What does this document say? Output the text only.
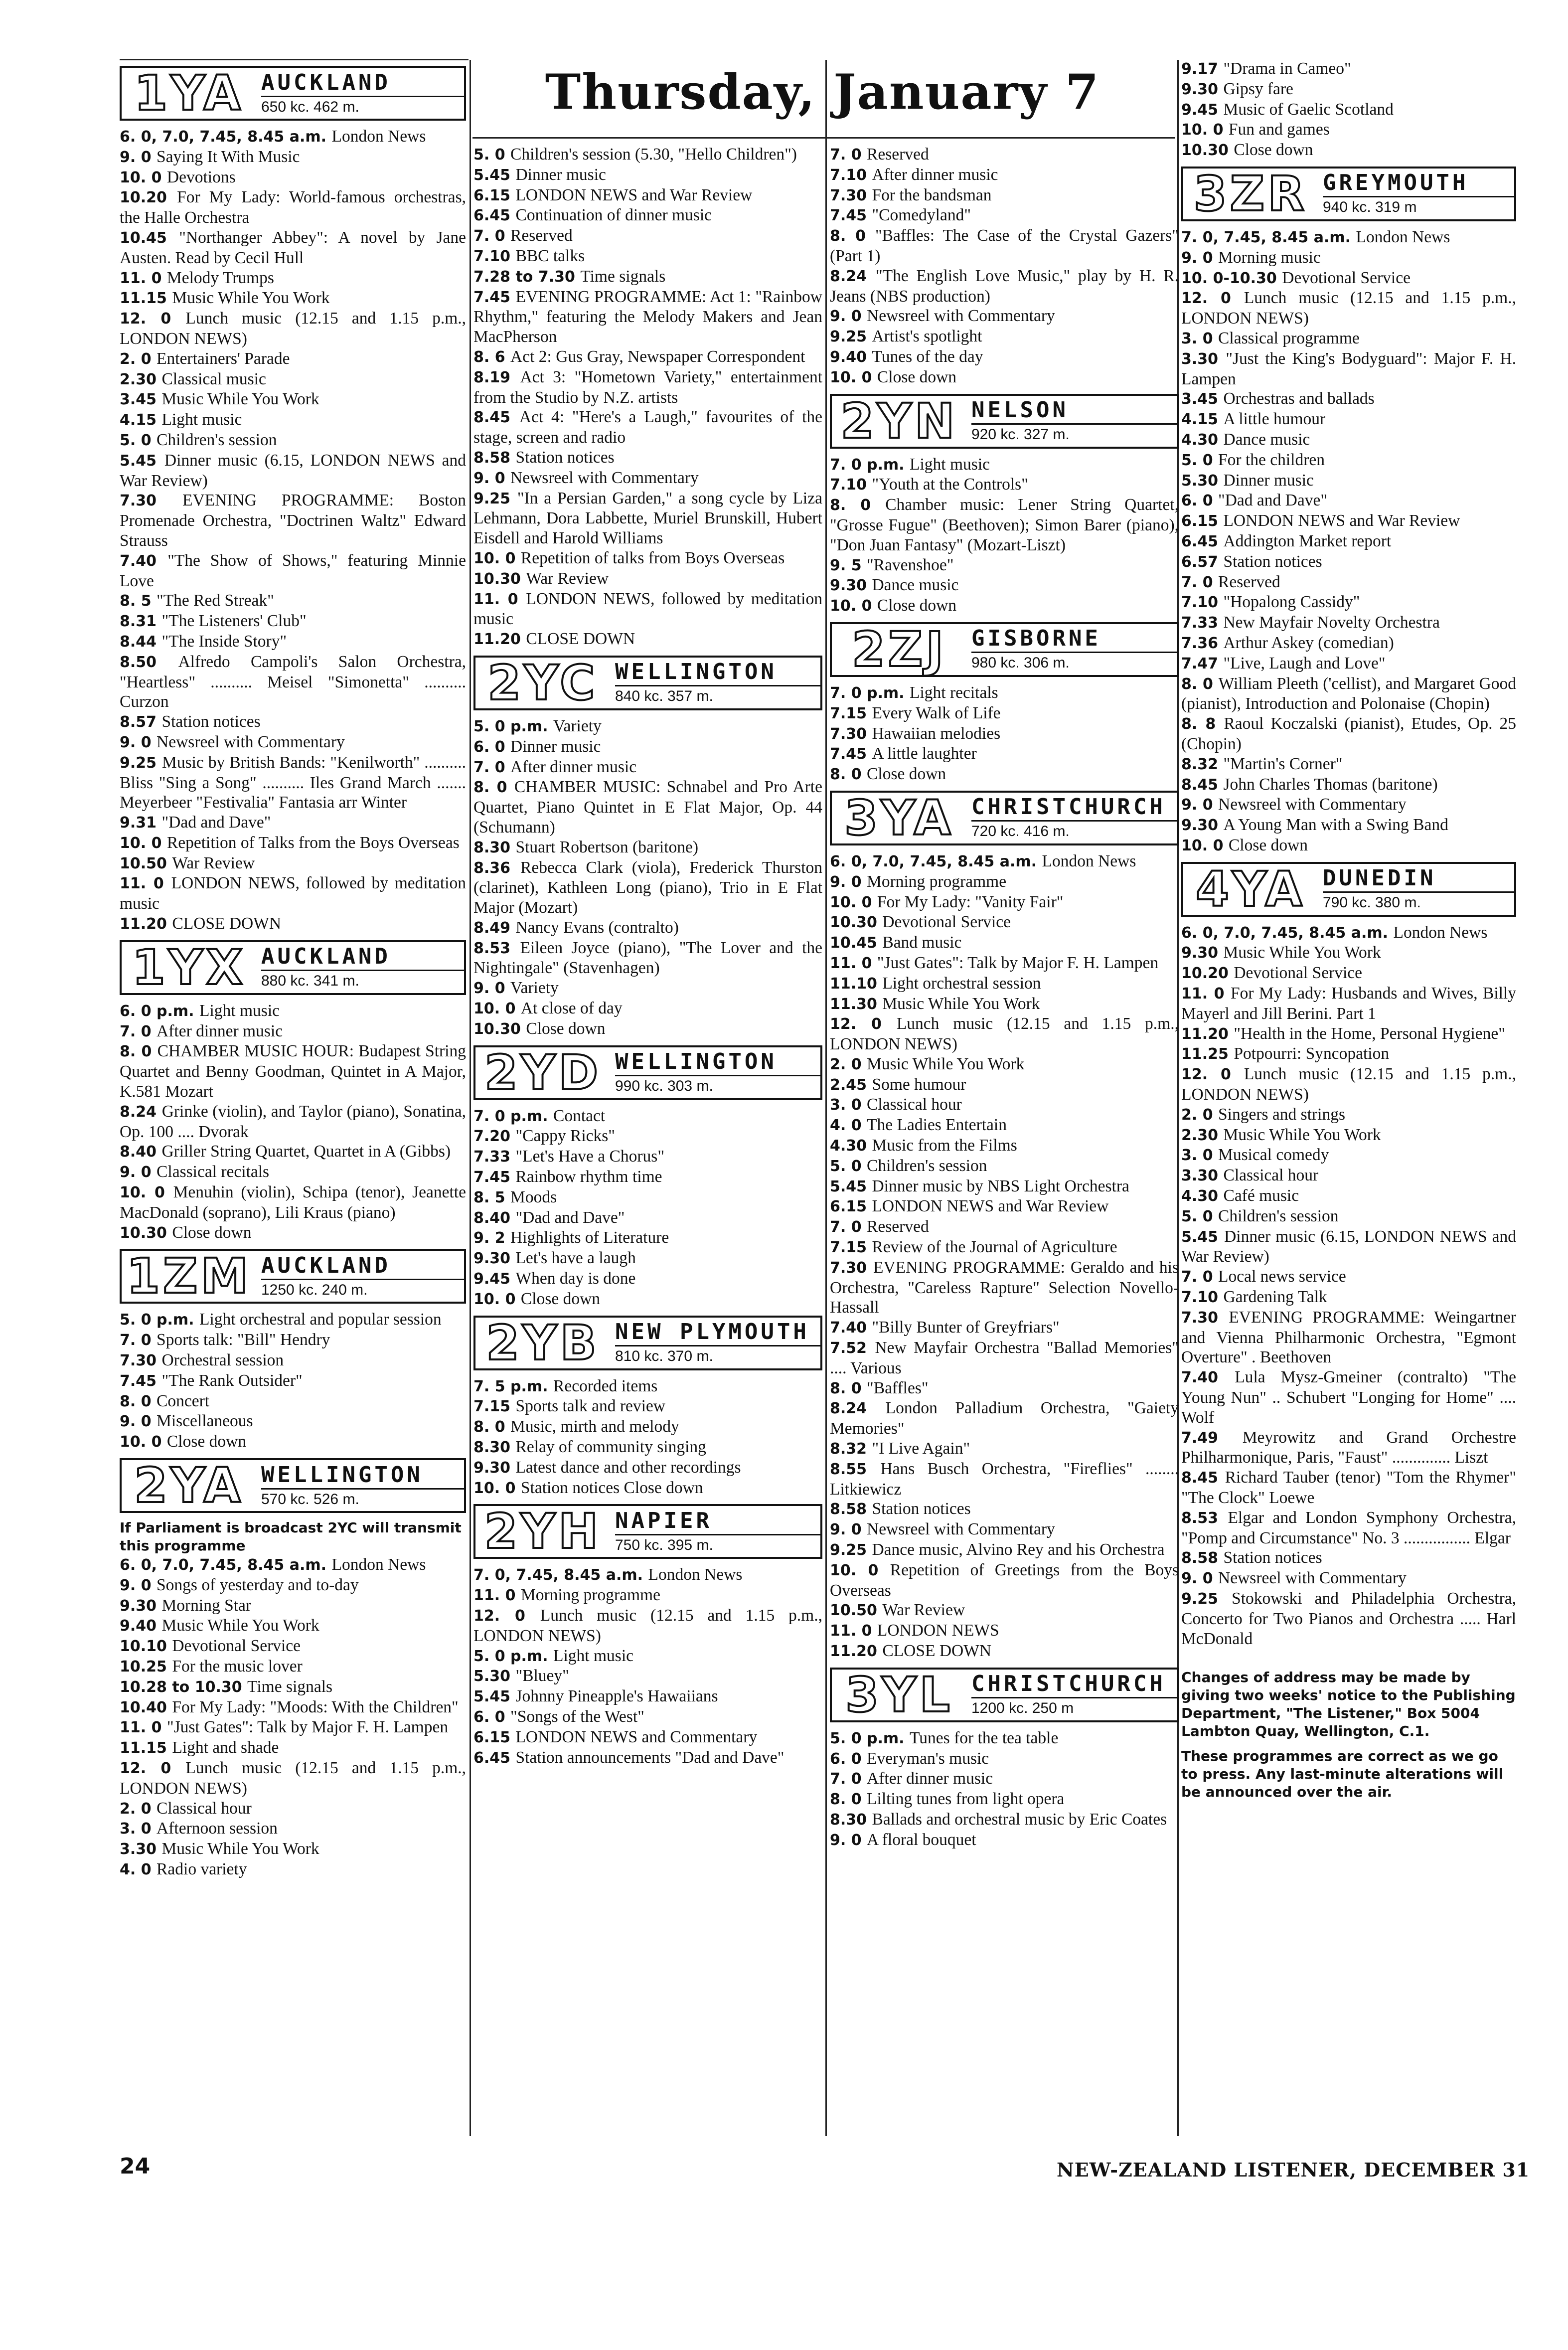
Thursday, January 7
1YA AUCKLAND
650 kc. 462 m.

6. 0, 7.0, 7.45, 8.45 a.m. London News

9. 0 Saying It With Music

10. 0 Devotions

10.20 For My Lady: World-famous orchestras, the Halle Orchestra

10.45 "Northanger Abbey": A novel by Jane Austen. Read by Cecil Hull

11. 0 Melody Trumps

11.15 Music While You Work

12. 0 Lunch music (12.15 and 1.15 p.m., LONDON NEWS)

2. 0 Entertainers' Parade

2.30 Classical music

3.45 Music While You Work

4.15 Light music

5. 0 Children's session

5.45 Dinner music (6.15, LONDON NEWS and War Review)

7.30 EVENING PROGRAMME: Boston Promenade Orchestra, "Doctrinen Waltz" Edward Strauss

7.40 "The Show of Shows," featuring Minnie Love

8. 5 "The Red Streak"

8.31 "The Listeners' Club"

8.44 "The Inside Story"

8.50 Alfredo Campoli's Salon Orchestra, "Heartless" .......... Meisel "Simonetta" .......... Curzon

8.57 Station notices

9. 0 Newsreel with Commentary

9.25 Music by British Bands: "Kenilworth" .......... Bliss "Sing a Song" .......... Iles Grand March ....... Meyerbeer "Festivalia" Fantasia arr Winter

9.31 "Dad and Dave"

10. 0 Repetition of Talks from the Boys Overseas

10.50 War Review

11. 0 LONDON NEWS, followed by meditation music

11.20 CLOSE DOWN

1YX AUCKLAND
880 kc. 341 m.

6. 0 p.m. Light music

7. 0 After dinner music

8. 0 CHAMBER MUSIC HOUR: Budapest String Quartet and Benny Goodman, Quintet in A Major, K.581 Mozart

8.24 Grinke (violin), and Taylor (piano), Sonatina, Op. 100 .... Dvorak

8.40 Griller String Quartet, Quartet in A (Gibbs)

9. 0 Classical recitals

10. 0 Menuhin (violin), Schipa (tenor), Jeanette MacDonald (soprano), Lili Kraus (piano)

10.30 Close down

1ZM AUCKLAND
1250 kc. 240 m.

5. 0 p.m. Light orchestral and popular session

7. 0 Sports talk: "Bill" Hendry

7.30 Orchestral session

7.45 "The Rank Outsider"

8. 0 Concert

9. 0 Miscellaneous

10. 0 Close down

2YA WELLINGTON
570 kc. 526 m.
If Parliament is broadcast 2YC will transmit this programme

6. 0, 7.0, 7.45, 8.45 a.m. London News

9. 0 Songs of yesterday and to-day

9.30 Morning Star

9.40 Music While You Work

10.10 Devotional Service

10.25 For the music lover

10.28 to 10.30 Time signals

10.40 For My Lady: "Moods: With the Children"

11. 0 "Just Gates": Talk by Major F. H. Lampen

11.15 Light and shade

12. 0 Lunch music (12.15 and 1.15 p.m., LONDON NEWS)

2. 0 Classical hour

3. 0 Afternoon session

3.30 Music While You Work

4. 0 Radio variety

5. 0 Children's session (5.30, "Hello Children")

5.45 Dinner music

6.15 LONDON NEWS and War Review

6.45 Continuation of dinner music

7. 0 Reserved

7.10 BBC talks

7.28 to 7.30 Time signals

7.45 EVENING PROGRAMME: Act 1: "Rainbow Rhythm," featuring the Melody Makers and Jean MacPherson

8. 6 Act 2: Gus Gray, Newspaper Correspondent

8.19 Act 3: "Hometown Variety," entertainment from the Studio by N.Z. artists

8.45 Act 4: "Here's a Laugh," favourites of the stage, screen and radio

8.58 Station notices

9. 0 Newsreel with Commentary

9.25 "In a Persian Garden," a song cycle by Liza Lehmann, Dora Labbette, Muriel Brunskill, Hubert Eisdell and Harold Williams

10. 0 Repetition of talks from Boys Overseas

10.30 War Review

11. 0 LONDON NEWS, followed by meditation music

11.20 CLOSE DOWN

2YC WELLINGTON
840 kc. 357 m.

5. 0 p.m. Variety

6. 0 Dinner music

7. 0 After dinner music

8. 0 CHAMBER MUSIC: Schnabel and Pro Arte Quartet, Piano Quintet in E Flat Major, Op. 44 (Schumann)

8.30 Stuart Robertson (baritone)

8.36 Rebecca Clark (viola), Frederick Thurston (clarinet), Kathleen Long (piano), Trio in E Flat Major (Mozart)

8.49 Nancy Evans (contralto)

8.53 Eileen Joyce (piano), "The Lover and the Nightingale" (Stavenhagen)

9. 0 Variety

10. 0 At close of day

10.30 Close down

2YD WELLINGTON
990 kc. 303 m.

7. 0 p.m. Contact

7.20 "Cappy Ricks"

7.33 "Let's Have a Chorus"

7.45 Rainbow rhythm time

8. 5 Moods

8.40 "Dad and Dave"

9. 2 Highlights of Literature

9.30 Let's have a laugh

9.45 When day is done

10. 0 Close down

2YB NEW PLYMOUTH
810 kc. 370 m.

7. 5 p.m. Recorded items

7.15 Sports talk and review

8. 0 Music, mirth and melody

8.30 Relay of community singing

9.30 Latest dance and other recordings

10. 0 Station notices Close down

2YH NAPIER
750 kc. 395 m.

7. 0, 7.45, 8.45 a.m. London News

11. 0 Morning programme

12. 0 Lunch music (12.15 and 1.15 p.m., LONDON NEWS)

5. 0 p.m. Light music

5.30 "Bluey"

5.45 Johnny Pineapple's Hawaiians

6. 0 "Songs of the West"

6.15 LONDON NEWS and Commentary

6.45 Station announcements "Dad and Dave"

7. 0 Reserved

7.10 After dinner music

7.30 For the bandsman

7.45 "Comedyland"

8. 0 "Baffles: The Case of the Crystal Gazers" (Part 1)

8.24 "The English Love Music," play by H. R. Jeans (NBS production)

9. 0 Newsreel with Commentary

9.25 Artist's spotlight

9.40 Tunes of the day

10. 0 Close down

2YN NELSON
920 kc. 327 m.

7. 0 p.m. Light music

7.10 "Youth at the Controls"

8. 0 Chamber music: Lener String Quartet, "Grosse Fugue" (Beethoven); Simon Barer (piano), "Don Juan Fantasy" (Mozart-Liszt)

9. 5 "Ravenshoe"

9.30 Dance music

10. 0 Close down

2ZJ	GISBORNE
980 kc. 306 m.

7. 0 p.m. Light recitals

7.15 Every Walk of Life

7.30 Hawaiian melodies

7.45 A little laughter

8. 0 Close down

3YA CHRISTCHURCH
720 kc. 416 m.

6. 0, 7.0, 7.45, 8.45 a.m. London News

9. 0 Morning programme

10. 0 For My Lady: "Vanity Fair"

10.30 Devotional Service

10.45 Band music

11. 0 "Just Gates": Talk by Major F. H. Lampen

11.10 Light orchestral session

11.30 Music While You Work

12. 0 Lunch music (12.15 and 1.15 p.m., LONDON NEWS)

2. 0 Music While You Work

2.45 Some humour

3. 0 Classical hour

4. 0 The Ladies Entertain

4.30 Music from the Films

5. 0 Children's session

5.45 Dinner music by NBS Light Orchestra

6.15 LONDON NEWS and War Review

7. 0 Reserved

7.15 Review of the Journal of Agriculture

7.30 EVENING PROGRAMME: Geraldo and his Orchestra, "Careless Rapture" Selection Novello-Hassall

7.40 "Billy Bunter of Greyfriars"

7.52 New Mayfair Orchestra "Ballad Memories" .... Various

8. 0 "Baffles"

8.24 London Palladium Orchestra, "Gaiety Memories"

8.32 "I Live Again"

8.55 Hans Busch Orchestra, "Fireflies" ........ Litkiewicz

8.58 Station notices

9. 0 Newsreel with Commentary

9.25 Dance music, Alvino Rey and his Orchestra

10. 0 Repetition of Greetings from the Boys Overseas

10.50 War Review

11. 0 LONDON NEWS

11.20 CLOSE DOWN

3YL CHRISTCHURCH
1200 kc. 250 m

5. 0 p.m. Tunes for the tea table

6. 0 Everyman's music

7. 0 After dinner music

8. 0 Lilting tunes from light opera

8.30 Ballads and orchestral music by Eric Coates

9. 0 A floral bouquet

9.17 "Drama in Cameo"

9.30 Gipsy fare

9.45 Music of Gaelic Scotland

10. 0 Fun and games

10.30 Close down

3ZR GREYMOUTH
940 kc. 319 m

7. 0, 7.45, 8.45 a.m. London News

9. 0 Morning music

10. 0-10.30 Devotional Service

12. 0 Lunch music (12.15 and 1.15 p.m., LONDON NEWS)

3. 0 Classical programme

3.30 "Just the King's Bodyguard": Major F. H. Lampen

3.45 Orchestras and ballads

4.15 A little humour

4.30 Dance music

5. 0 For the children

5.30 Dinner music

6. 0 "Dad and Dave"

6.15 LONDON NEWS and War Review

6.45 Addington Market report

6.57 Station notices

7. 0 Reserved

7.10 "Hopalong Cassidy"

7.33 New Mayfair Novelty Orchestra

7.36 Arthur Askey (comedian)

7.47 "Live, Laugh and Love"

8. 0 William Pleeth ('cellist), and Margaret Good (pianist), Introduction and Polonaise (Chopin)

8. 8 Raoul Koczalski (pianist), Etudes, Op. 25 (Chopin)

8.32 "Martin's Corner"

8.45 John Charles Thomas (baritone)

9. 0 Newsreel with Commentary

9.30 A Young Man with a Swing Band

10. 0 Close down

4YA DUNEDIN
790 kc. 380 m.

6. 0, 7.0, 7.45, 8.45 a.m. London News

9.30 Music While You Work

10.20 Devotional Service

11. 0 For My Lady: Husbands and Wives, Billy Mayerl and Jill Berini. Part 1

11.20 "Health in the Home, Personal Hygiene"

11.25 Potpourri: Syncopation

12. 0 Lunch music (12.15 and 1.15 p.m., LONDON NEWS)

2. 0 Singers and strings

2.30 Music While You Work

3. 0 Musical comedy

3.30 Classical hour

4.30 Café music

5. 0 Children's session

5.45 Dinner music (6.15, LONDON NEWS and War Review)

7. 0 Local news service

7.10 Gardening Talk

7.30 EVENING PROGRAMME: Weingartner and Vienna Philharmonic Orchestra, "Egmont Overture" . Beethoven

7.40 Lula Mysz-Gmeiner (contralto) "The Young Nun" .. Schubert "Longing for Home" .... Wolf

7.49 Meyrowitz and Grand Orchestre Philharmonique, Paris, "Faust" .............. Liszt

8.45 Richard Tauber (tenor) "Tom the Rhymer" "The Clock" Loewe

8.53 Elgar and London Symphony Orchestra, "Pomp and Circumstance" No. 3 ................ Elgar

8.58 Station notices

9. 0 Newsreel with Commentary

9.25 Stokowski and Philadelphia Orchestra, Concerto for Two Pianos and Orchestra ..... Harl McDonald

Changes of address may be made by giving two weeks' notice to the Publishing Department, "The Listener," Box 5004 Lambton Quay, Wellington, C.1.
These programmes are correct as we go to press. Any last-minute alterations will be announced over the air.
24	NEW-ZEALAND LISTENER, DECEMBER 31
